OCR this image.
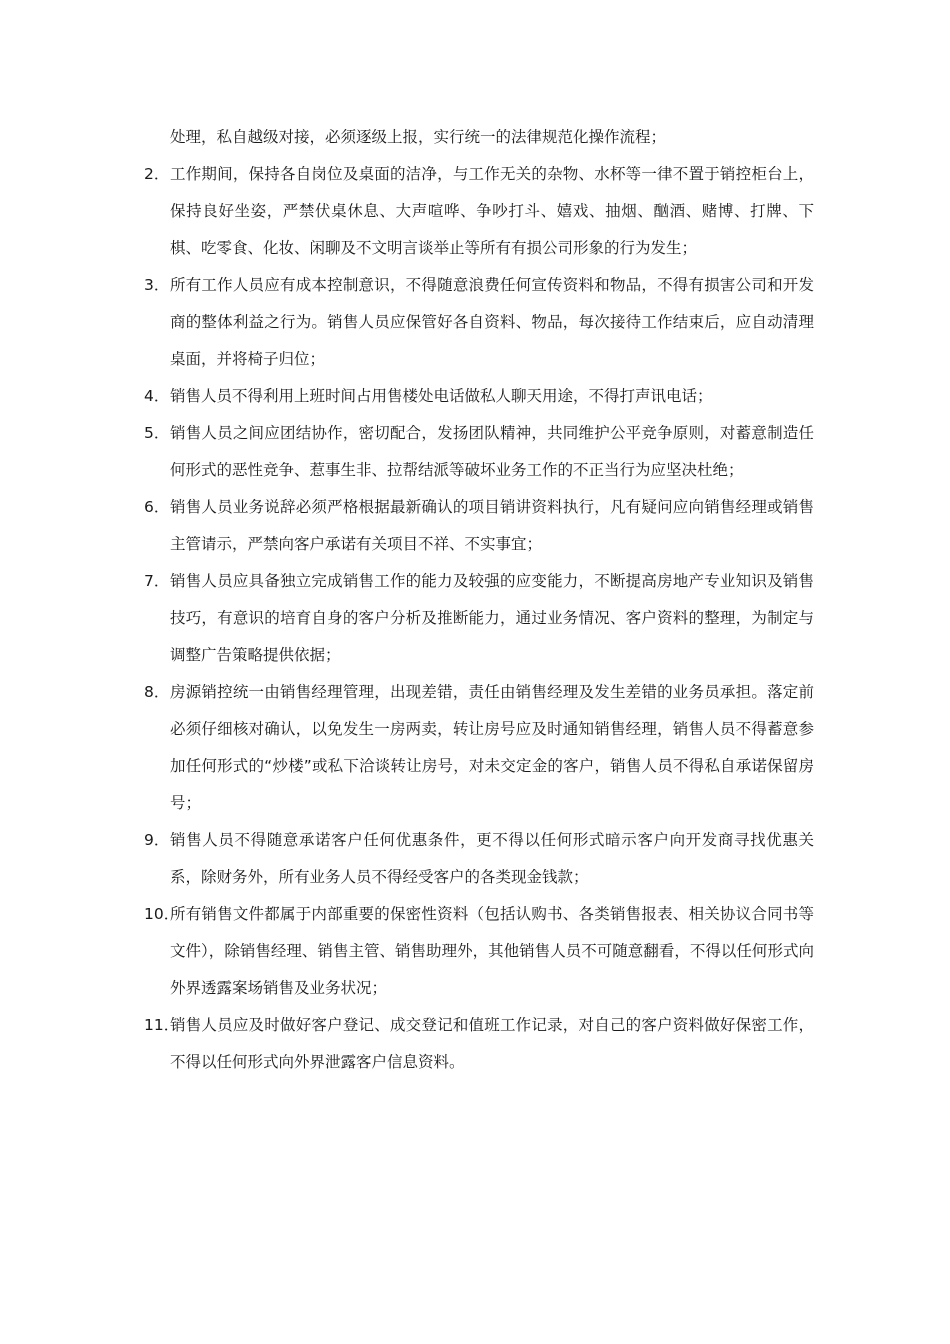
处理，私自越级对接，必须逐级上报，实行统一的法律规范化操作流程；

2． 工作期间，保持各自岗位及桌面的洁净，与工作无关的杂物、水杯等一律不置于销控柜台上，保持良好坐姿，严禁伏桌休息、大声喧哗、争吵打斗、嬉戏、抽烟、酗酒、赌博、打牌、下棋、吃零食、化妆、闲聊及不文明言谈举止等所有有损公司形象的行为发生；
3． 所有工作人员应有成本控制意识，不得随意浪费任何宣传资料和物品，不得有损害公司和开发商的整体利益之行为。销售人员应保管好各自资料、物品，每次接待工作结束后，应自动清理桌面，并将椅子归位；
4． 销售人员不得利用上班时间占用售楼处电话做私人聊天用途，不得打声讯电话；
5． 销售人员之间应团结协作，密切配合，发扬团队精神，共同维护公平竞争原则，对蓄意制造任何形式的恶性竞争、惹事生非、拉帮结派等破坏业务工作的不正当行为应坚决杜绝；
6． 销售人员业务说辞必须严格根据最新确认的项目销讲资料执行，凡有疑问应向销售经理或销售主管请示，严禁向客户承诺有关项目不祥、不实事宜；
7． 销售人员应具备独立完成销售工作的能力及较强的应变能力，不断提高房地产专业知识及销售技巧，有意识的培育自身的客户分析及推断能力，通过业务情况、客户资料的整理，为制定与调整广告策略提供依据；
8． 房源销控统一由销售经理管理，出现差错，责任由销售经理及发生差错的业务员承担。落定前必须仔细核对确认，以免发生一房两卖，转让房号应及时通知销售经理，销售人员不得蓄意参加任何形式的“炒楼”或私下洽谈转让房号，对未交定金的客户，销售人员不得私自承诺保留房号；
9． 销售人员不得随意承诺客户任何优惠条件，更不得以任何形式暗示客户向开发商寻找优惠关系，除财务外，所有业务人员不得经受客户的各类现金钱款；
10．
所有销售文件都属于内部重要的保密性资料（包括认购书、各类销售报表、相关协议合同书等文件），除销售经理、销售主管、销售助理外，其他销售人员不可随意翻看，不得以任何形式向外界透露案场销售及业务状况；
11．
销售人员应及时做好客户登记、成交登记和值班工作记录，对自己的客户资料做好保密工作，不得以任何形式向外界泄露客户信息资料。
